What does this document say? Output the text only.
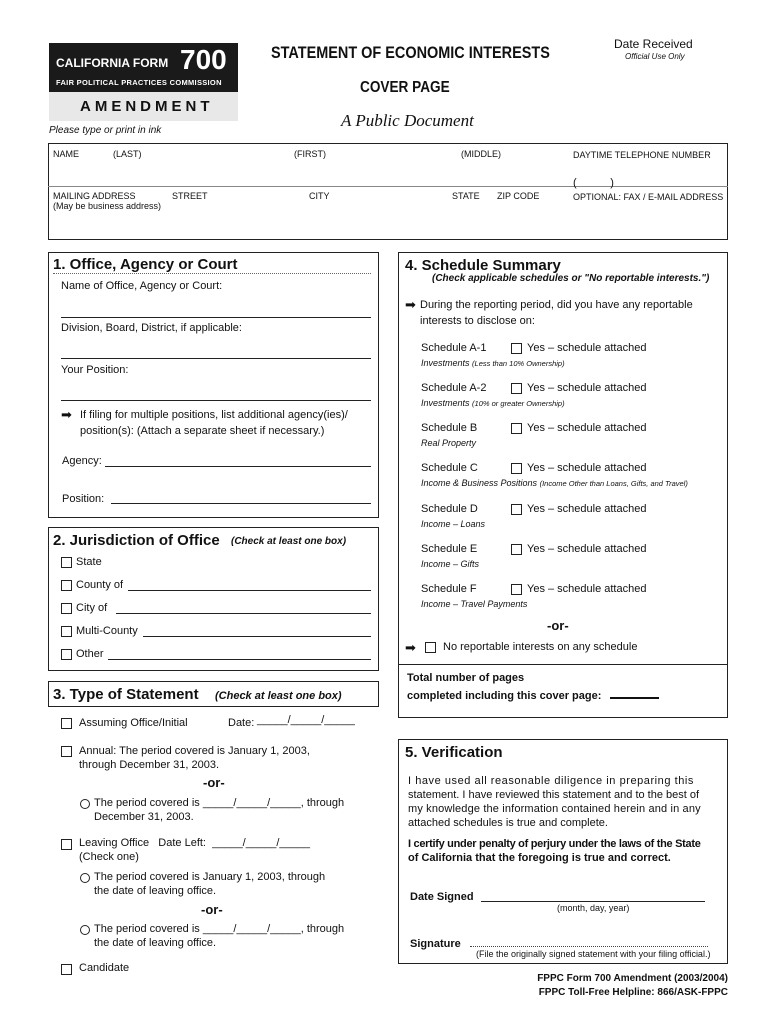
CALIFORNIA FORM 700
FAIR POLITICAL PRACTICES COMMISSION
AMENDMENT
Please type or print in ink
STATEMENT OF ECONOMIC INTERESTS
COVER PAGE
A Public Document
Date Received
Official Use Only
NAME	(LAST)	(FIRST)	(MIDDLE)	DAYTIME TELEPHONE NUMBER
(           )
MAILING ADDRESS
(May be business address)
STREET	CITY	STATE ZIP CODE	OPTIONAL: FAX / E-MAIL ADDRESS
1. Office, Agency or Court
Name of Office, Agency or Court:
Division, Board, District, if applicable:
Your Position:
➡ If filing for multiple positions, list additional agency(ies)/
position(s): (Attach a separate sheet if necessary.)
Agency:
Position:
2. Jurisdiction of Office (Check at least one box)
State
County of
City of
Multi-County
Other
3. Type of Statement (Check at least one box)
Assuming Office/Initial	Date: _____/_____/_____
Annual: The period covered is January 1, 2003,
through December 31, 2003.
-or-
The period covered is _____/_____/_____, through
December 31, 2003.
Leaving Office   Date Left:  _____/_____/_____
(Check one)
The period covered is January 1, 2003, through
the date of leaving office.
-or-
The period covered is _____/_____/_____, through
the date of leaving office.
Candidate
4. Schedule Summary
(Check applicable schedules or "No reportable interests.")
➡ During the reporting period, did you have any reportable
interests to disclose on:
Schedule A-1	Yes – schedule attached
Investments (Less than 10% Ownership)
Schedule A-2	Yes – schedule attached
Investments (10% or greater Ownership)
Schedule B	Yes – schedule attached
Real Property
Schedule C	Yes – schedule attached
Income & Business Positions (Income Other than Loans, Gifts, and Travel)
Schedule D	Yes – schedule attached
Income – Loans
Schedule E	Yes – schedule attached
Income – Gifts
Schedule F	Yes – schedule attached
Income – Travel Payments
-or-
➡ No reportable interests on any schedule
Total number of pages
completed including this cover page:
5. Verification
I have used all reasonable diligence in preparing this
statement. I have reviewed this statement and to the best of
my knowledge the information contained herein and in any
attached schedules is true and complete.
I certify under penalty of perjury under the laws of the State
of California that the foregoing is true and correct.
Date Signed
(month, day, year)
Signature
(File the originally signed statement with your filing official.)
FPPC Form 700 Amendment (2003/2004)
FPPC Toll-Free Helpline: 866/ASK-FPPC
